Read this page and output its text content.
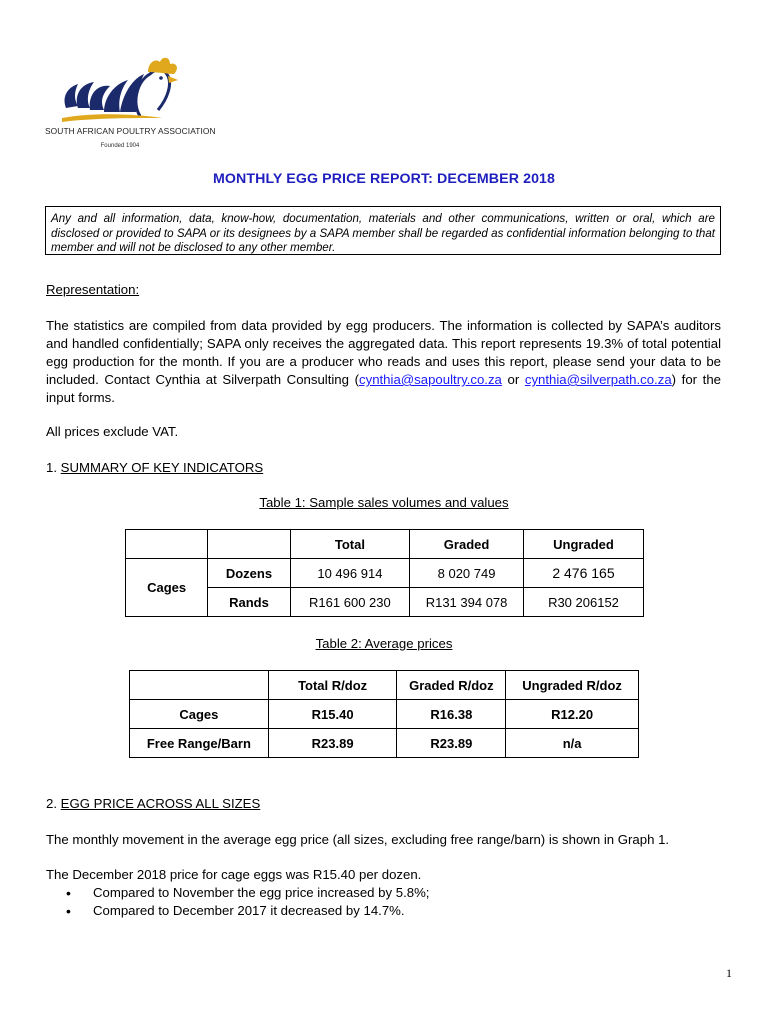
SOUTH AFRICAN POULTRY ASSOCIATION
Founded 1904
MONTHLY EGG PRICE REPORT: DECEMBER 2018
Any and all information, data, know-how, documentation, materials and other communications, written or oral, which are disclosed or provided to SAPA or its designees by a SAPA member shall be regarded as confidential information belonging to that member and will not be disclosed to any other member.
Representation:
The statistics are compiled from data provided by egg producers. The information is collected by SAPA’s auditors and handled confidentially; SAPA only receives the aggregated data. This report represents 19.3% of total potential egg production for the month. If you are a producer who reads and uses this report, please send your data to be included. Contact Cynthia at Silverpath Consulting (cynthia@sapoultry.co.za or cynthia@silverpath.co.za) for the input forms.
All prices exclude VAT.
1. SUMMARY OF KEY INDICATORS
Table 1: Sample sales volumes and values
		Total	Graded	Ungraded
Cages	Dozens	10 496 914	8 020 749	2 476 165
	Rands	R161 600 230	R131 394 078	R30 206152
Table 2: Average prices
	Total R/doz	Graded R/doz	Ungraded R/doz
Cages	R15.40	R16.38	R12.20
Free Range/Barn	R23.89	R23.89	n/a
2. EGG PRICE ACROSS ALL SIZES
The monthly movement in the average egg price (all sizes, excluding free range/barn) is shown in Graph 1.
The December 2018 price for cage eggs was R15.40 per dozen.
• Compared to November the egg price increased by 5.8%;
• Compared to December 2017 it decreased by 14.7%.
1
